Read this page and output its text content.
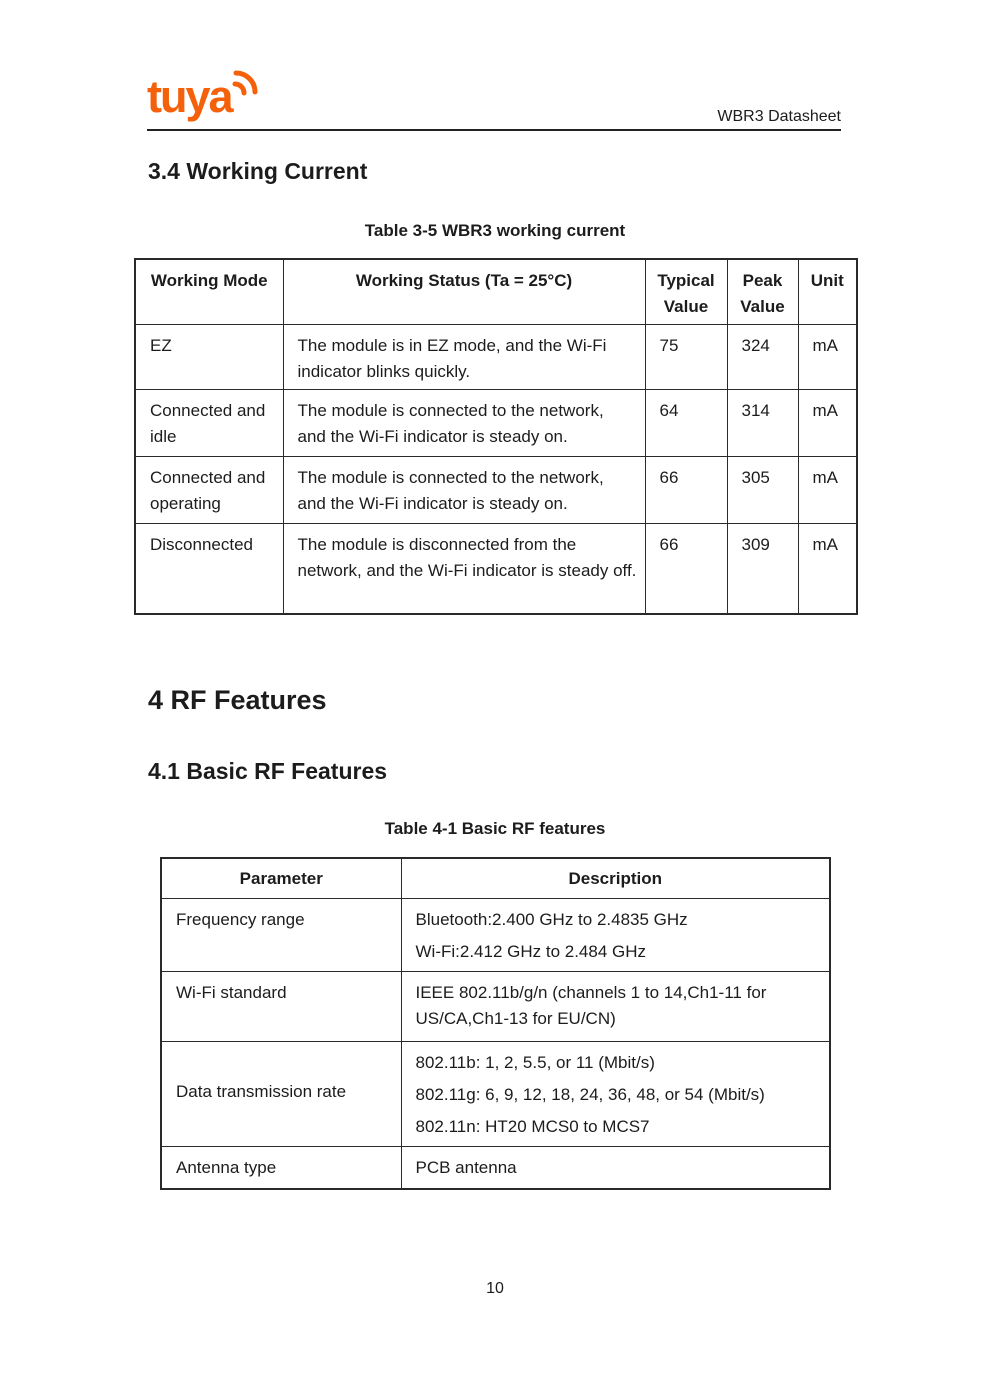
tuya	WBR3 Datasheet
3.4 Working Current
Table 3-5 WBR3 working current
Working Mode	Working Status (Ta = 25°C)	Typical Value	Peak Value	Unit
EZ	The module is in EZ mode, and the Wi-Fi indicator blinks quickly.	75	324	mA
Connected and idle	The module is connected to the network, and the Wi-Fi indicator is steady on.	64	314	mA
Connected and operating	The module is connected to the network, and the Wi-Fi indicator is steady on.	66	305	mA
Disconnected	The module is disconnected from the network, and the Wi-Fi indicator is steady off.	66	309	mA
4 RF Features
4.1 Basic RF Features
Table 4-1 Basic RF features
Parameter	Description
Frequency range	Bluetooth:2.400 GHz to 2.4835 GHz
Wi-Fi:2.412 GHz to 2.484 GHz

Wi-Fi standard	IEEE 802.11b/g/n (channels 1 to 14,Ch1-11 for US/CA,Ch1-13 for EU/CN)

Data transmission rate	802.11b: 1, 2, 5.5, or 11 (Mbit/s)
802.11g: 6, 9, 12, 18, 24, 36, 48, or 54 (Mbit/s)
802.11n: HT20 MCS0 to MCS7

Antenna type	PCB antenna
10
